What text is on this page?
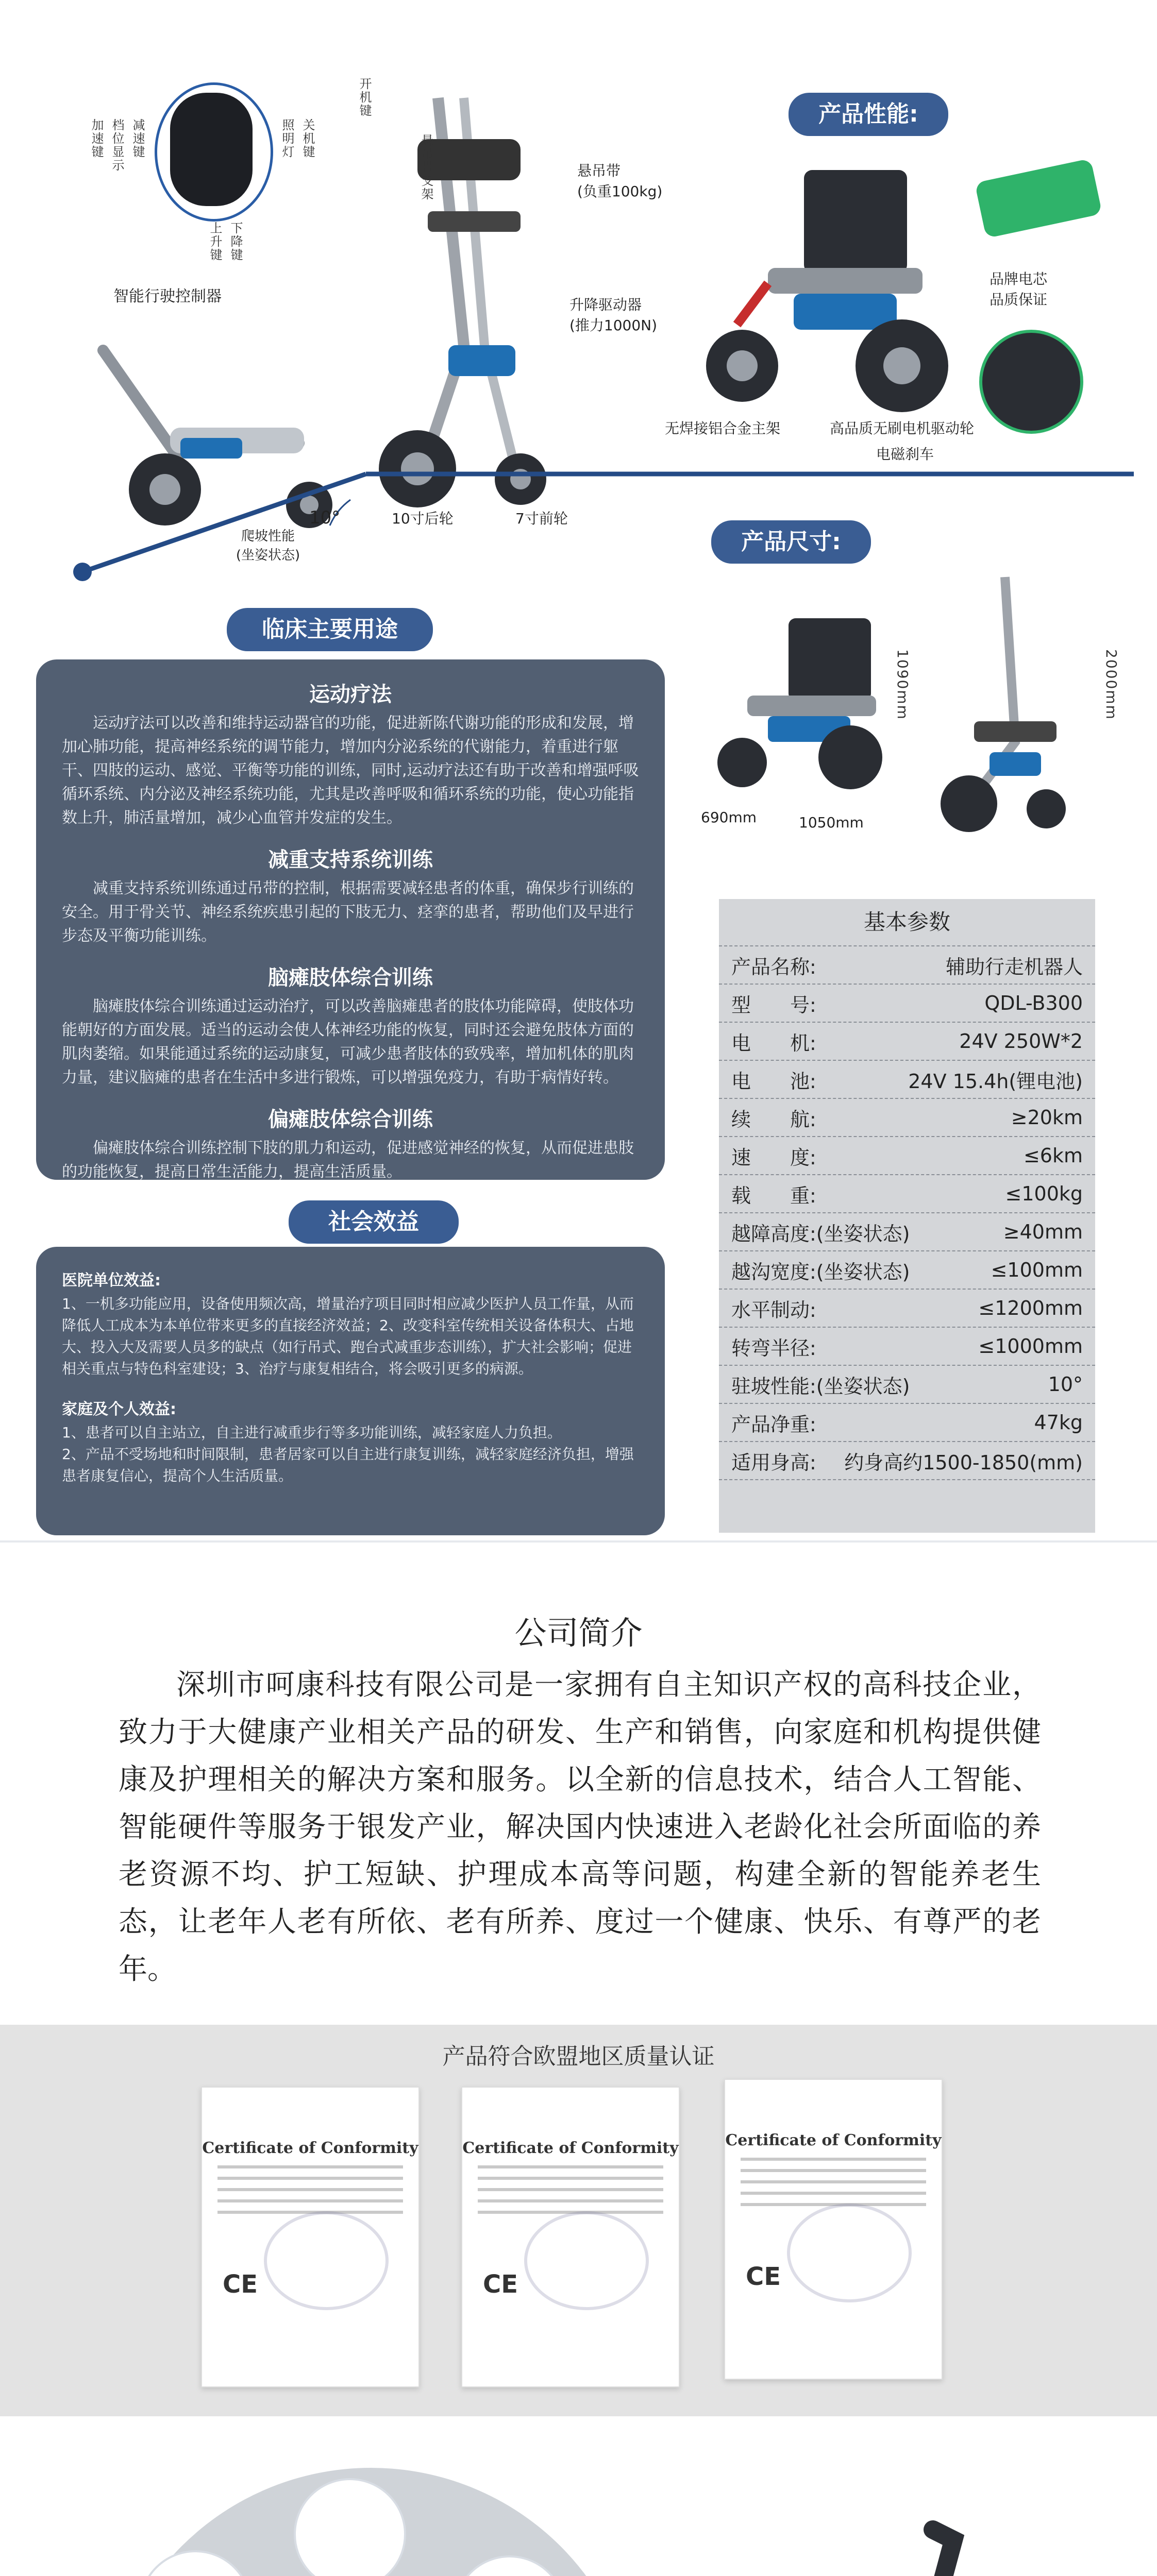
加速键 档位显示 减速键
上升键 下降键
照明灯 关机键
开机键
智能行驶控制器
悬吊带支架	悬吊带
(负重100kg)
升降驱动器
(推力1000N)
10寸后轮	7寸前轮
10°
爬坡性能
(坐姿状态)
产品性能:
品牌电芯
品质保证
无焊接铝合金主架	高品质无刷电机驱动轮
电磁刹车
产品尺寸:
1090mm
690mm	1050mm
2000mm
临床主要用途
运动疗法

运动疗法可以改善和维持运动器官的功能，促进新陈代谢功能的形成和发展，增加心肺功能，提高神经系统的调节能力，增加内分泌系统的代谢能力，着重进行躯干、四肢的运动、感觉、平衡等功能的训练，同时,运动疗法还有助于改善和增强呼吸循环系统、内分泌及神经系统功能，尤其是改善呼吸和循环系统的功能，使心功能指数上升，肺活量增加，减少心血管并发症的发生。

减重支持系统训练

减重支持系统训练通过吊带的控制，根据需要减轻患者的体重，确保步行训练的安全。用于骨关节、神经系统疾患引起的下肢无力、痉挛的患者，帮助他们及早进行步态及平衡功能训练。

脑瘫肢体综合训练

脑瘫肢体综合训练通过运动治疗，可以改善脑瘫患者的肢体功能障碍，使肢体功能朝好的方面发展。适当的运动会使人体神经功能的恢复，同时还会避免肢体方面的肌肉萎缩。如果能通过系统的运动康复，可减少患者肢体的致残率，增加机体的肌肉力量，建议脑瘫的患者在生活中多进行锻炼，可以增强免疫力，有助于病情好转。

偏瘫肢体综合训练

偏瘫肢体综合训练控制下肢的肌力和运动，促进感觉神经的恢复，从而促进患肢的功能恢复，提高日常生活能力，提高生活质量。

社会效益
医院单位效益:
1、一机多功能应用，设备使用频次高，增量治疗项目同时相应减少医护人员工作量，从而降低人工成本为本单位带来更多的直接经济效益；2、改变科室传统相关设备体积大、占地大、投入大及需要人员多的缺点（如行吊式、跑台式减重步态训练），扩大社会影响；促进相关重点与特色科室建设；3、治疗与康复相结合，将会吸引更多的病源。
家庭及个人效益:
1、患者可以自主站立，自主进行减重步行等多功能训练，减轻家庭人力负担。
2、产品不受场地和时间限制，患者居家可以自主进行康复训练，减轻家庭经济负担，增强患者康复信心，提高个人生活质量。
基本参数
产品名称:	辅助行走机器人
型　　号:	QDL-B300
电　　机:	24V 250W*2
电　　池:	24V 15.4h(锂电池)
续　　航:	≥20km
速　　度:	≤6km
载　　重:	≤100kg
越障高度:(坐姿状态)	≥40mm
越沟宽度:(坐姿状态)	≤100mm
水平制动:	≤1200mm
转弯半径:	≤1000mm
驻坡性能:(坐姿状态)	10°
产品净重:	47kg
适用身高:	约身高约1500-1850(mm)
公司简介
深圳市呵康科技有限公司是一家拥有自主知识产权的高科技企业，致力于大健康产业相关产品的研发、生产和销售，向家庭和机构提供健康及护理相关的解决方案和服务。以全新的信息技术，结合人工智能、智能硬件等服务于银发产业，解决国内快速进入老龄化社会所面临的养老资源不均、护工短缺、护理成本高等问题，构建全新的智能养老生态，让老年人老有所依、老有所养、度过一个健康、快乐、有尊严的老年。
产品符合欧盟地区质量认证
Certificate of Conformity
CE
Certificate of Conformity
CE
Certificate of Conformity
CE
